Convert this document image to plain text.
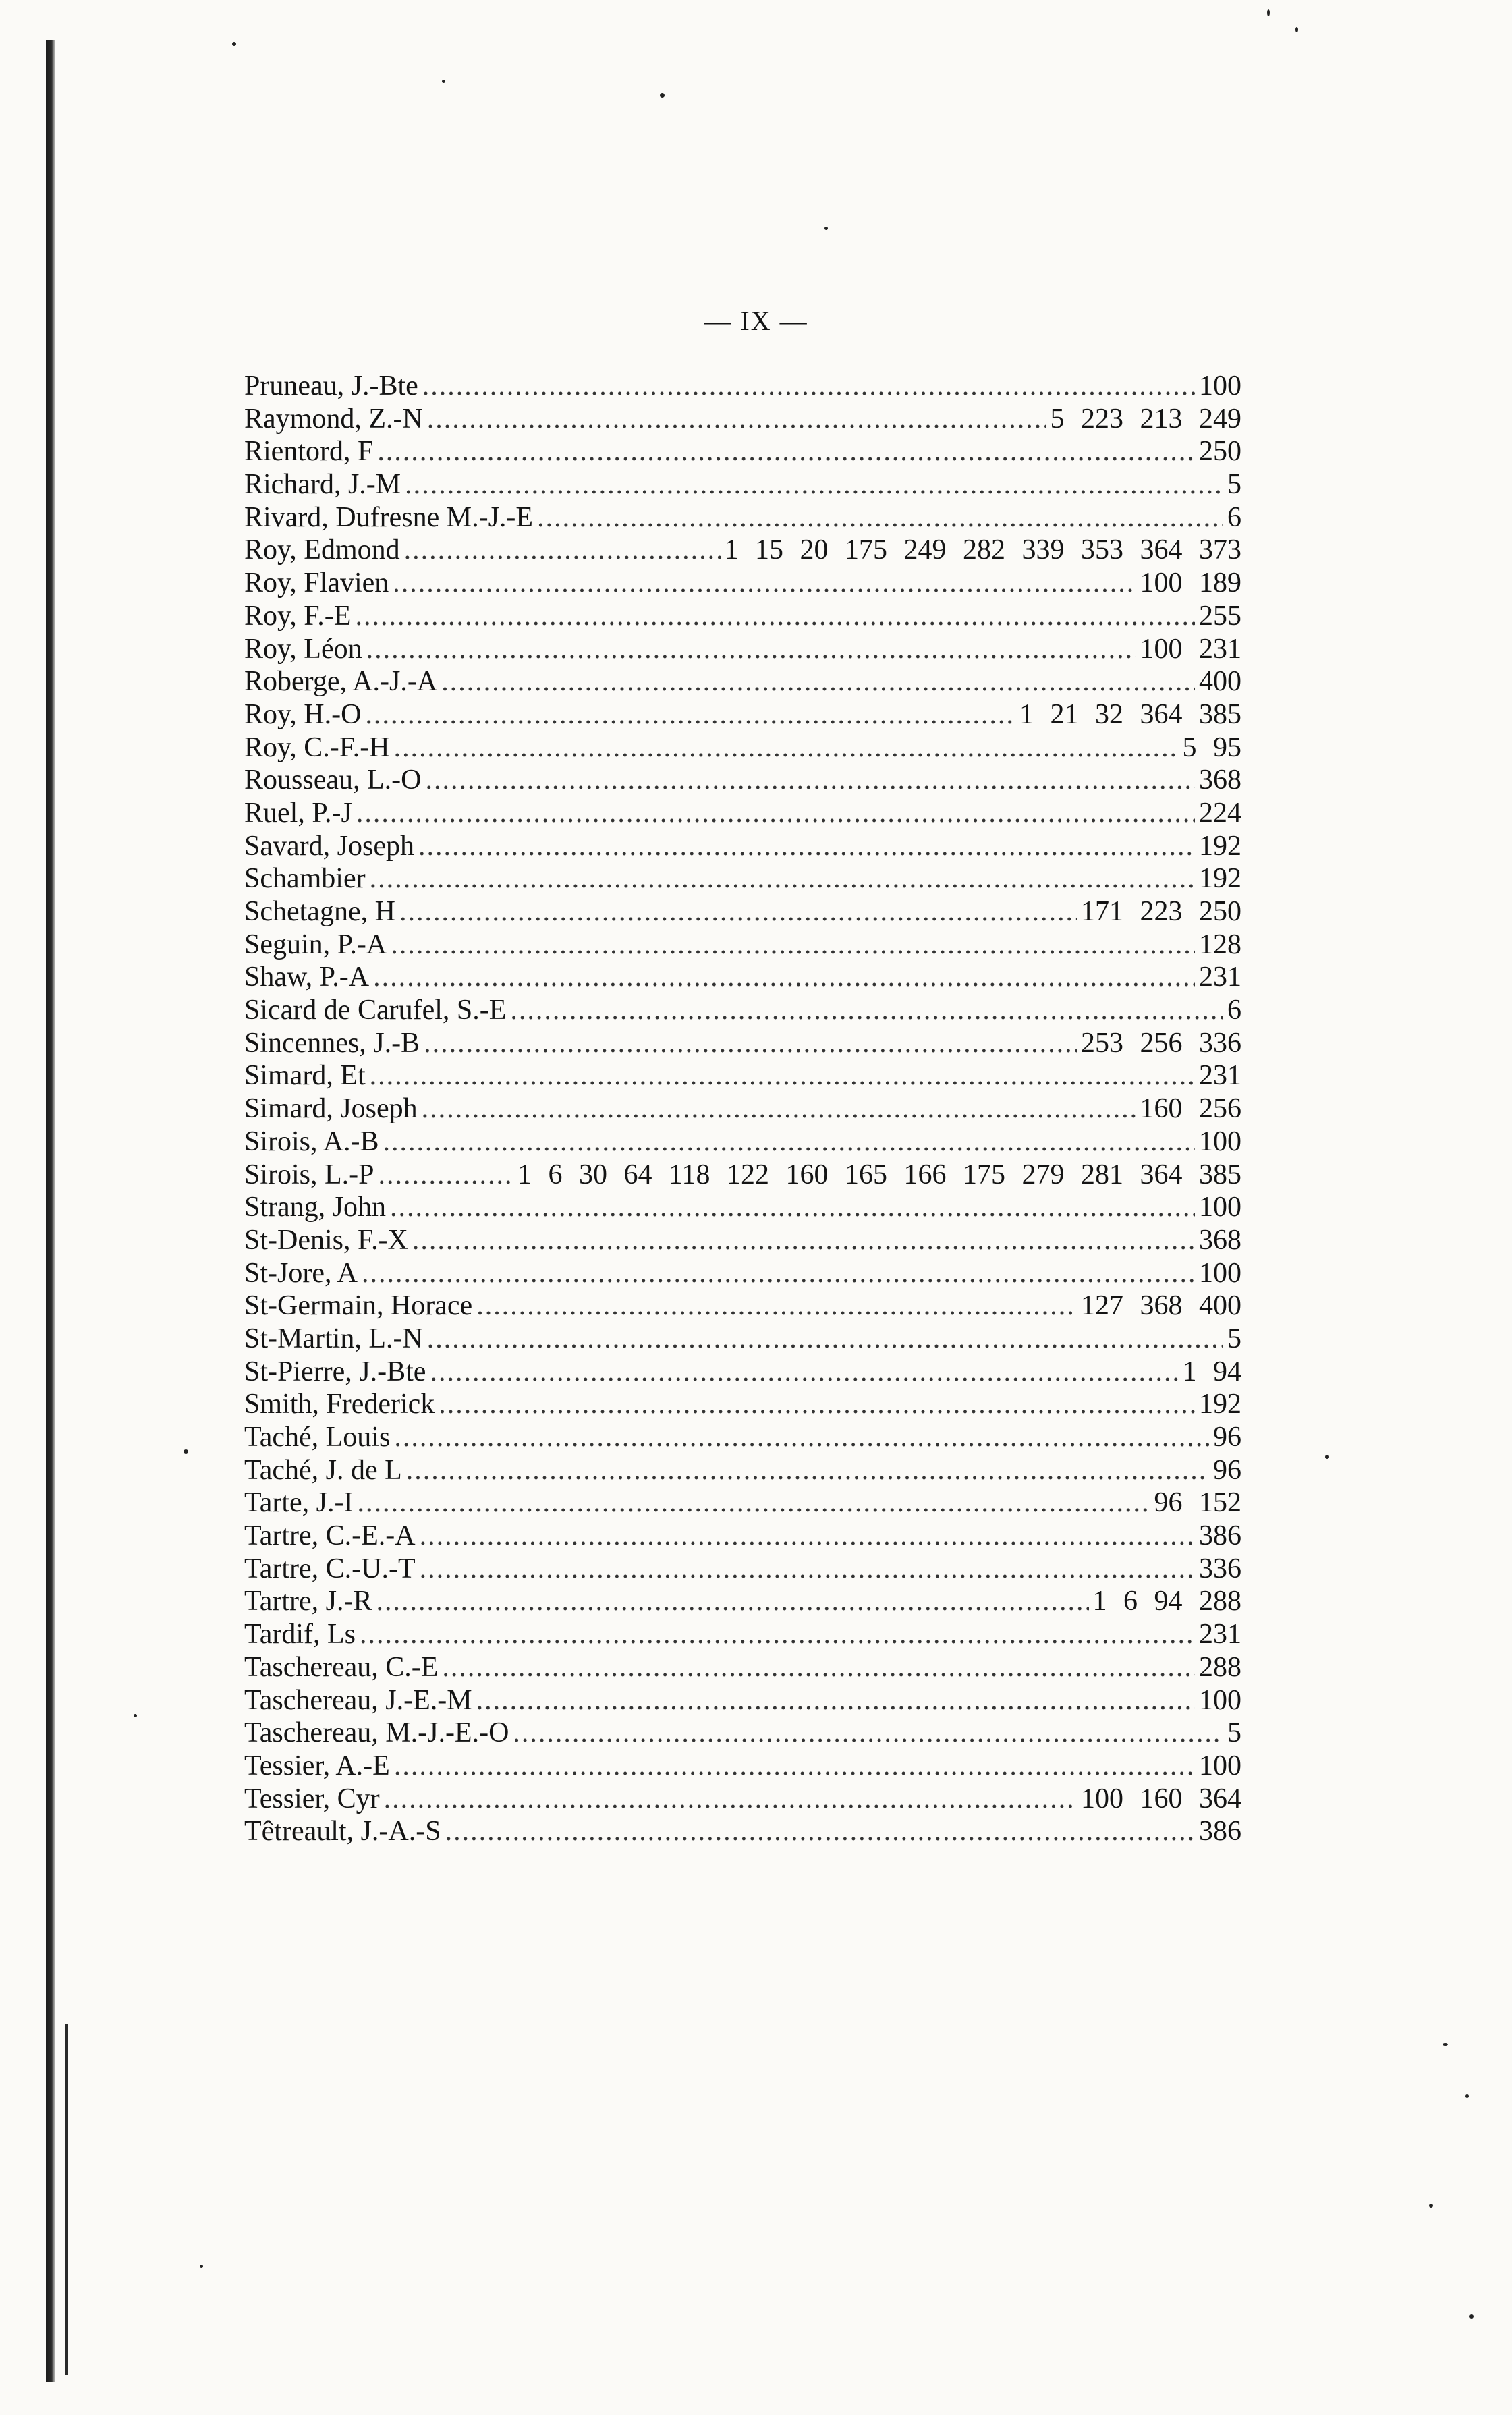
— IX —
Pruneau, J.-Bte .....	100
Raymond, Z.-N .....	5 223 213 249
Rientord, F .....	250
Richard, J.-M .....	5
Rivard, Dufresne M.-J.-E .....	6
Roy, Edmond .....	1 15 20 175 249 282 339 353 364 373
Roy, Flavien .....	100 189
Roy, F.-E .....	255
Roy, Léon .....	100 231
Roberge, A.-J.-A .....	400
Roy, H.-O .....	1 21 32 364 385
Roy, C.-F.-H .....	5 95
Rousseau, L.-O .....	368
Ruel, P.-J .....	224
Savard, Joseph .....	192
Schambier .....	192
Schetagne, H .....	171 223 250
Seguin, P.-A .....	128
Shaw, P.-A .....	231
Sicard de Carufel, S.-E .....	6
Sincennes, J.-B .....	253 256 336
Simard, Et .....	231
Simard, Joseph .....	160 256
Sirois, A.-B .....	100
Sirois, L.-P .....	1 6 30 64 118 122 160 165 166 175 279 281 364 385
Strang, John .....	100
St-Denis, F.-X .....	368
St-Jore, A .....	100
St-Germain, Horace .....	127 368 400
St-Martin, L.-N .....	5
St-Pierre, J.-Bte .....	1 94
Smith, Frederick .....	192
Taché, Louis .....	96
Taché, J. de L .....	96
Tarte, J.-I .....	96 152
Tartre, C.-E.-A .....	386
Tartre, C.-U.-T .....	336
Tartre, J.-R .....	1 6 94 288
Tardif, Ls .....	231
Taschereau, C.-E .....	288
Taschereau, J.-E.-M .....	100
Taschereau, M.-J.-E.-O .....	5
Tessier, A.-E .....	100
Tessier, Cyr .....	100 160 364
Têtreault, J.-A.-S .....	386
